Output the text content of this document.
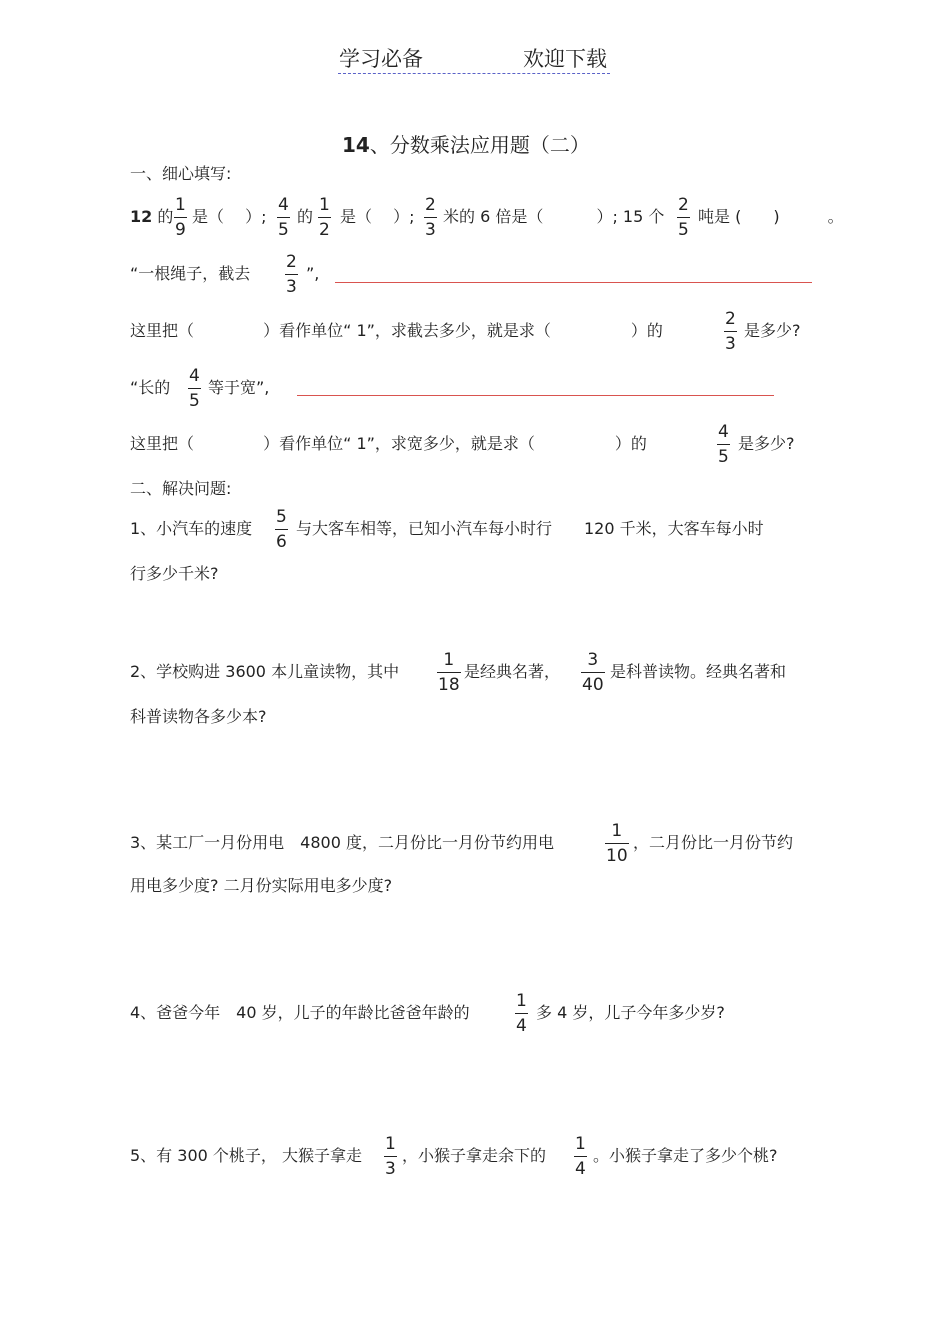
学习必备	欢迎下载
14、分数乘法应用题（二）
一、细心填写:
12 的
1
9
是（　 ）;
4
5
的
1
2
是（　 ）;
2
3
米的 6 倍是（　　　 ）; 15 个
2
5
吨是 (　　)　　　。
“一根绳子，截去
2
3
”,
这里把（　　　　 ）看作单位“ 1”，求截去多少，就是求（　　　　　）的
2
3
是多少?
“长的
4
5
等于宽”,
这里把（　　　　 ）看作单位“ 1”，求宽多少，就是求（　　　　　）的
4
5
是多少?
二、解决问题:
1、小汽车的速度
5
6
与大客车相等，已知小汽车每小时行　　120 千米，大客车每小时
行多少千米?
2、学校购进 3600 本儿童读物，其中
1
18
是经典名著，
3
40
是科普读物。经典名著和
科普读物各多少本?
3、某工厂一月份用电　4800 度，二月份比一月份节约用电
1
10
，二月份比一月份节约
用电多少度? 二月份实际用电多少度?
4、爸爸今年　40 岁，儿子的年龄比爸爸年龄的
1
4
多 4 岁，儿子今年多少岁?
5、有 300 个桃子， 大猴子拿走
1
3
，小猴子拿走余下的
1
4
。小猴子拿走了多少个桃?
